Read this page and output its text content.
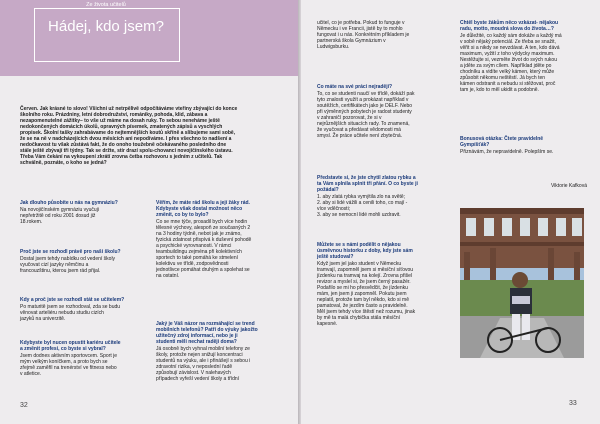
Ze života učitelů
Hádej, kdo jsem?

Červen. Jak krásné to slovo! Všichni už netrpělivě odpočítáváme vteřiny zbývající do konce
školního roku. Prázdniny, letní dobrodružství, romániky, pohoda, klid, zábava a
nezapomenutelné zážitky– to vše už máme na dosah ruky. To sebou neneháme ještě
nedokončených domácích úkolů, opravných písemek, zmatených zápisů a vyschlých
propisek. Školní tašky zahrabávame do nejtemnějších koutů skříně a slibujeme sami sobě,
že se na ně v nadcházejících dvou měsících ani nepodíváme. I přes všechno to nadšení a
nedočkavost tu však zůstává fakt, že do onoho toužebně očekávaného posledního dne
stále ještě zbývají tři týdny. Tak se držte, stír drazí spolu-chovanci novojičínského ústavu.
Třeba Vám čekání na vykoupení zkrátí zrovna četba rozhovoru s jedním z učitelů. Tak
schválně, poznáte, o koho se jedná?

Jak dlouho působíte u nás na gymnáziu?

Na novojičínském gymnáziu vyučuji
nepřetržitě od roku 2001 dosud již
18.rokem.

Proč jste se rozhodl právě pro naši školu?

Dostal jsem tehdy nabídku od vedení školy
vyučovat cizí jazyky němčinu a
francouzštinu, kterou jsem rád přijal.

Kdy a proč jste se rozhodl stát se učitelem?

Po maturitě jsem se rozhodoval, zda se budu
věnovat arteliéru nebudu studiu cizích
jazyků na univerzitě.

Kdybyste byl nucen opustit kariéru učitele
a změnit profesi, co byste si vybral?

Jsem dodnes aktivním sportovcem. Sport je
mým velkým koníčkem, a proto bych se
zřejmě zaměřil na trenérství ve fitness nebo
v atletice.

Věřím, že máte rád školu a její žáky rád.
Kdybyste však dostal možnost něco
změnit, co by to bylo?

Co se mne týče, prosadil bych více hodin
tělesné výchovy, alespoň ze současných 2
na 3 hodiny týdně, nebot jak je známo,
fyzická zdatnost přispívá k duševní pohodě
a psychické vyrovnanosti. V rámci
teambuildingu zejména při kolektivních
sportech to také pomáhá ke stmelení
kolektivu ve třídě, zodpovědnosti
jednotlivce pomáhat druhým a spolehat se
na ostatní.

Jaký je Váš názor na rozmáhající se trend
mobilních telefonů? Patří do výuky jakožto
užitečný zdroj informací, nebo je ji
studenti měli nechat raději doma?

Já osobně bych vyhnal mobilní telefony ze
školy, protože nejen snižují koncentraci
studentů na výuku, ale i přinášejí s sebou i
zdravotní rizika, v neposlední řadě
způsobují závislost. V nalehavých
případech vyřeší vedení školy a třídní

32

učitel, co je potřeba. Pokud to funguje v
Německu i ve Francii, jistě by to mohlo
fungovat i u nás. Konkrétním příkladem je
partnerská škola Gymnázium v
Ludwigsburku.

Co máte na své práci nejradějí?

To, co se studenti naučí ve třídě, dokáží pak
tyto znalosti využít a prokázat například v
soutěžích, certifikátech jako je DELF. Nebo
při výměnných pobytech je radost studenty
v zahraničí pozorovat, že si v
nejrůznějších situacích rady. To znamená,
že vyučovat a předávat vědomosti má
smysl. Že práce učitele není zbytečná.

Představte si, že jste chytil zlatou rybku a
ta Vám splnila splnit tři přání. O co byste ji
požádal?

1. aby zlatá rybka vymýtila zlo na světě;
2. aby si lidé vážili a cenili toho, co mají -
více vděčnosti;
3. aby se nemocní lidé mohli uzdravit.

Můžete se s námi podělit o nějakou
úsměvnou historku z doby, kdy jste sám
ještě studoval?

Když jsem jel jako student v Německu
tramvají, zapomněl jsem si měsíční síťovou
jízdenku na tramvaj na kolejí. Zrovna přišel
revizor a myslel si, že jsem černý pasažér.
Podařilo se mi ho přesvědčit, že jízdenku
mám, jen jsem ji zapomněl. Pokutu jsem
neplatil, protože tam byl někdo, kdo si mě
pamatoval, že jezdím často a pravidelně.
Měl jsem tehdy více štěstí než rozumu, jinak
by mě ta malá chybička stála měsíční
kapesné.

Chtěl byste žákům něco vzkázat- nějakou
radu, motto, moudrá slova do života…?

Je důležité, co každý sám dokáže a každý má
v sobě nějaký potenciál. Ze třeba se snažit,
věřit si a nikdy se nevzdávat. A ten, kdo dává
maximum, vyžití z toho výdycky maximum.
Nestěžujte si, vezměte život do svých rukou
a jděte za svým cílem. Například jděte po
chodníku a vidíte velký kámen, který může
způsobit někomu neštěstí. Já bych ten
kámen odstranit a nebudu si stěžovat, proč
tam je, kdo to měl ukidit a podobně.

Bonusová otázka: Čtete pravidelně
Gympíšťák?

Přiznávám, že nepravidelně. Polepším se.

Viktorie Kafková

33
